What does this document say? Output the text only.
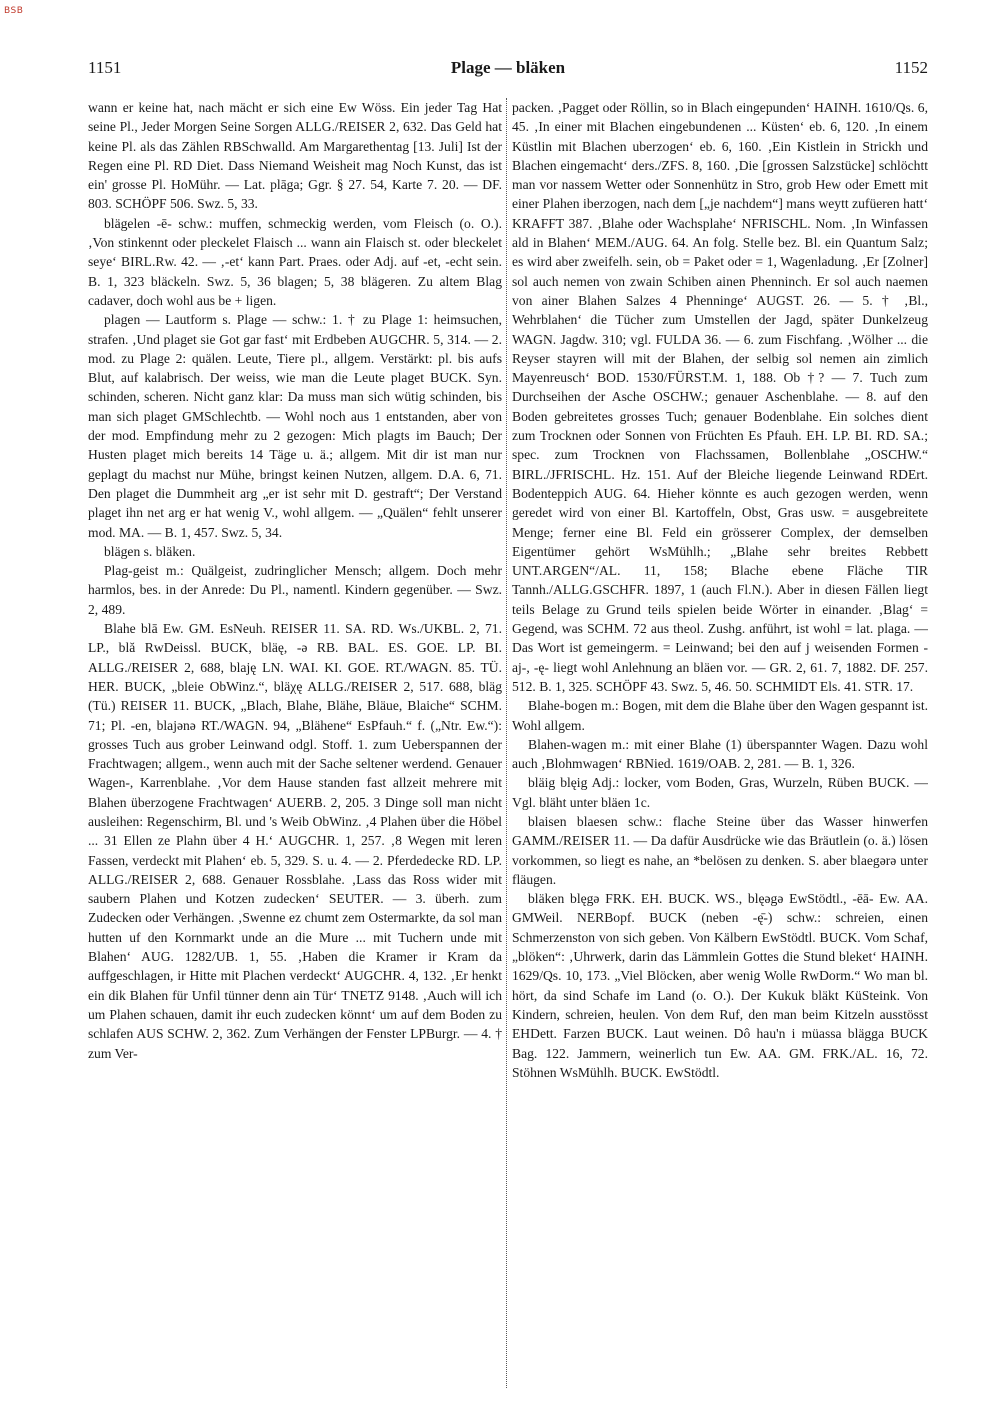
BSB
1151	Plage — bläken	1152

wann er keine hat, nach mächt er sich eine Ew Wöss. Ein jeder Tag Hat seine Pl., Jeder Morgen Seine Sorgen ALLG./REISER 2, 632. Das Geld hat keine Pl. als das Zählen RBSchwalld. Am Margarethentag [13. Juli] Ist der Regen eine Pl. RD Diet. Dass Niemand Weisheit mag Noch Kunst, das ist ein' grosse Pl. HoMühr. — Lat. plāga; Ggr. § 27. 54, Karte 7. 20. — DF. 803. SCHÖPF 506. Swz. 5, 33.

blägelen -ē- schw.: muffen, schmeckig werden, vom Fleisch (o. O.). ‚Von stinkennt oder pleckelet Flaisch ... wann ain Flaisch st. oder bleckelet seye‘ BIRL.Rw. 42. — ‚-et‘ kann Part. Praes. oder Adj. auf -et, -echt sein. B. 1, 323 bläckeln. Swz. 5, 36 blagen; 5, 38 blägeren. Zu altem Blag cadaver, doch wohl aus be + ligen.

plagen — Lautform s. Plage — schw.: 1. † zu Plage 1: heimsuchen, strafen. ‚Und plaget sie Got gar fast‘ mit Erdbeben AUGCHR. 5, 314. — 2. mod. zu Plage 2: quälen. Leute, Tiere pl., allgem. Verstärkt: pl. bis aufs Blut, auf kalabrisch. Der weiss, wie man die Leute plaget BUCK. Syn. schinden, scheren. Nicht ganz klar: Da muss man sich wütig schinden, bis man sich plaget GMSchlechtb. — Wohl noch aus 1 entstanden, aber von der mod. Empfindung mehr zu 2 gezogen: Mich plagts im Bauch; Der Husten plaget mich bereits 14 Täge u. ä.; allgem. Mit dir ist man nur geplagt du machst nur Mühe, bringst keinen Nutzen, allgem. D.A. 6, 71. Den plaget die Dummheit arg „er ist sehr mit D. gestraft“; Der Verstand plaget ihn net arg er hat wenig V., wohl allgem. — „Quälen“ fehlt unserer mod. MA. — B. 1, 457. Swz. 5, 34.

blägen s. bläken.

Plag-geist m.: Quälgeist, zudringlicher Mensch; allgem. Doch mehr harmlos, bes. in der Anrede: Du Pl., namentl. Kindern gegenüber. — Swz. 2, 489.

Blahe blā Ew. GM. EsNeuh. REISER 11. SA. RD. Ws./UKBL. 2, 71. LP., blă RwDeissl. BUCK, bläę, -ə RB. BAL. ES. GOE. LP. BI. ALLG./REISER 2, 688, blaję LN. WAI. KI. GOE. RT./WAGN. 85. TÜ. HER. BUCK, „bleie ObWinz.“, bläχę ALLG./REISER 2, 517. 688, bläg (Tü.) REISER 11. BUCK, „Blach, Blahe, Blähe, Bläue, Blaiche“ SCHM. 71; Pl. -en, blajənə RT./WAGN. 94, „Blähene“ EsPfauh.“ f. („Ntr. Ew.“): grosses Tuch aus grober Leinwand odgl. Stoff. 1. zum Ueberspannen der Frachtwagen; allgem., wenn auch mit der Sache seltener werdend. Genauer Wagen-, Karrenblahe. ‚Vor dem Hause standen fast allzeit mehrere mit Blahen überzogene Frachtwagen‘ AUERB. 2, 205. 3 Dinge soll man nicht ausleihen: Regenschirm, Bl. und 's Weib ObWinz. ‚4 Plahen über die Höbel ... 31 Ellen ze Plahn über 4 H.‘ AUGCHR. 1, 257. ‚8 Wegen mit leren Fassen, verdeckt mit Plahen‘ eb. 5, 329. S. u. 4. — 2. Pferdedecke RD. LP. ALLG./REISER 2, 688. Genauer Rossblahe. ‚Lass das Ross wider mit saubern Plahen und Kotzen zudecken‘ SEUTER. — 3. überh. zum Zudecken oder Verhängen. ‚Swenne ez chumt zem Ostermarkte, da sol man hutten uf den Kornmarkt unde an die Mure ... mit Tuchern unde mit Blahen‘ AUG. 1282/UB. 1, 55. ‚Haben die Kramer ir Kram da auffgeschlagen, ir Hitte mit Plachen verdeckt‘ AUGCHR. 4, 132. ‚Er henkt ein dik Blahen für Unfil tünner denn ain Tür‘ TNETZ 9148. ‚Auch will ich um Plahen schauen, damit ihr euch zudecken könnt‘ um auf dem Boden zu schlafen AUS SCHW. 2, 362. Zum Verhängen der Fenster LPBurgr. — 4. † zum Ver-

packen. ‚Pagget oder Röllin, so in Blach eingepunden‘ HAINH. 1610/Qs. 6, 45. ‚In einer mit Blachen eingebundenen ... Küsten‘ eb. 6, 120. ‚In einem Küstlin mit Blachen uberzogen‘ eb. 6, 160. ‚Ein Kistlein in Strickh und Blachen eingemacht‘ ders./ZFS. 8, 160. ‚Die [grossen Salzstücke] schlöchtt man vor nassem Wetter oder Sonnenhütz in Stro, grob Hew oder Emett mit einer Plahen iberzogen, nach dem [„je nachdem“] mans weytt zufüeren hatt‘ KRAFFT 387. ‚Blahe oder Wachsplahe‘ NFRISCHL. Nom. ‚In Winfassen ald in Blahen‘ MEM./AUG. 64. An folg. Stelle bez. Bl. ein Quantum Salz; es wird aber zweifelh. sein, ob = Paket oder = 1, Wagenladung. ‚Er [Zolner] sol auch nemen von zwain Schiben ainen Phenninch. Er sol auch naemen von ainer Blahen Salzes 4 Phenninge‘ AUGST. 26. — 5. † ‚Bl., Wehrblahen‘ die Tücher zum Umstellen der Jagd, später Dunkelzeug WAGN. Jagdw. 310; vgl. FULDA 36. — 6. zum Fischfang. ‚Wölher ... die Reyser stayren will mit der Blahen, der selbig sol nemen ain zimlich Mayenreusch‘ BOD. 1530/FÜRST.M. 1, 188. Ob †? — 7. Tuch zum Durchseihen der Asche OSCHW.; genauer Aschenblahe. — 8. auf den Boden gebreitetes grosses Tuch; genauer Bodenblahe. Ein solches dient zum Trocknen oder Sonnen von Früchten Es Pfauh. EH. LP. BI. RD. SA.; spec. zum Trocknen von Flachssamen, Bollenblahe „OSCHW.“ BIRL./JFRISCHL. Hz. 151. Auf der Bleiche liegende Leinwand RDErt. Bodenteppich AUG. 64. Hieher könnte es auch gezogen werden, wenn geredet wird von einer Bl. Kartoffeln, Obst, Gras usw. = ausgebreitete Menge; ferner eine Bl. Feld ein grösserer Complex, der demselben Eigentümer gehört WsMühlh.; „Blahe sehr breites Rebbett UNT.ARGEN“/AL. 11, 158; Blache ebene Fläche TIR Tannh./ALLG.GSCHFR. 1897, 1 (auch Fl.N.). Aber in diesen Fällen liegt teils Belage zu Grund teils spielen beide Wörter in einander. ‚Blag‘ = Gegend, was SCHM. 72 aus theol. Zushg. anführt, ist wohl = lat. plaga. — Das Wort ist gemeingerm. = Leinwand; bei den auf j weisenden Formen -aj-, -ę- liegt wohl Anlehnung an bläen vor. — GR. 2, 61. 7, 1882. DF. 257. 512. B. 1, 325. SCHÖPF 43. Swz. 5, 46. 50. SCHMIDT Els. 41. STR. 17.

Blahe-bogen m.: Bogen, mit dem die Blahe über den Wagen gespannt ist. Wohl allgem.

Blahen-wagen m.: mit einer Blahe (1) überspannter Wagen. Dazu wohl auch ‚Blohmwagen‘ RBNied. 1619/OAB. 2, 281. — B. 1, 326.

bläig blęig Adj.: locker, vom Boden, Gras, Wurzeln, Rüben BUCK. — Vgl. bläht unter bläen 1c.

blaisen blaesen schw.: flache Steine über das Wasser hinwerfen GAMM./REISER 11. — Da dafür Ausdrücke wie das Bräutlein (o. ä.) lösen vorkommen, so liegt es nahe, an *belösen zu denken. S. aber blaegərə unter fläugen.

bläken blęgə FRK. EH. BUCK. WS., blęəgə EwStödtl., -ēā- Ew. AA. GMWeil. NERBopf. BUCK (neben -ę̄-) schw.: schreien, einen Schmerzenston von sich geben. Von Kälbern EwStödtl. BUCK. Vom Schaf, „blöken“: ‚Uhrwerk, darin das Lämmlein Gottes die Stund bleket‘ HAINH. 1629/Qs. 10, 173. „Viel Blöcken, aber wenig Wolle RwDorm.“ Wo man bl. hört, da sind Schafe im Land (o. O.). Der Kukuk bläkt KüSteink. Von Kindern, schreien, heulen. Von dem Ruf, den man beim Kitzeln ausstösst EHDett. Farzen BUCK. Laut weinen. Dô hau'n i müassa blägga BUCK Bag. 122. Jammern, weinerlich tun Ew. AA. GM. FRK./AL. 16, 72. Stöhnen WsMühlh. BUCK. EwStödtl.
